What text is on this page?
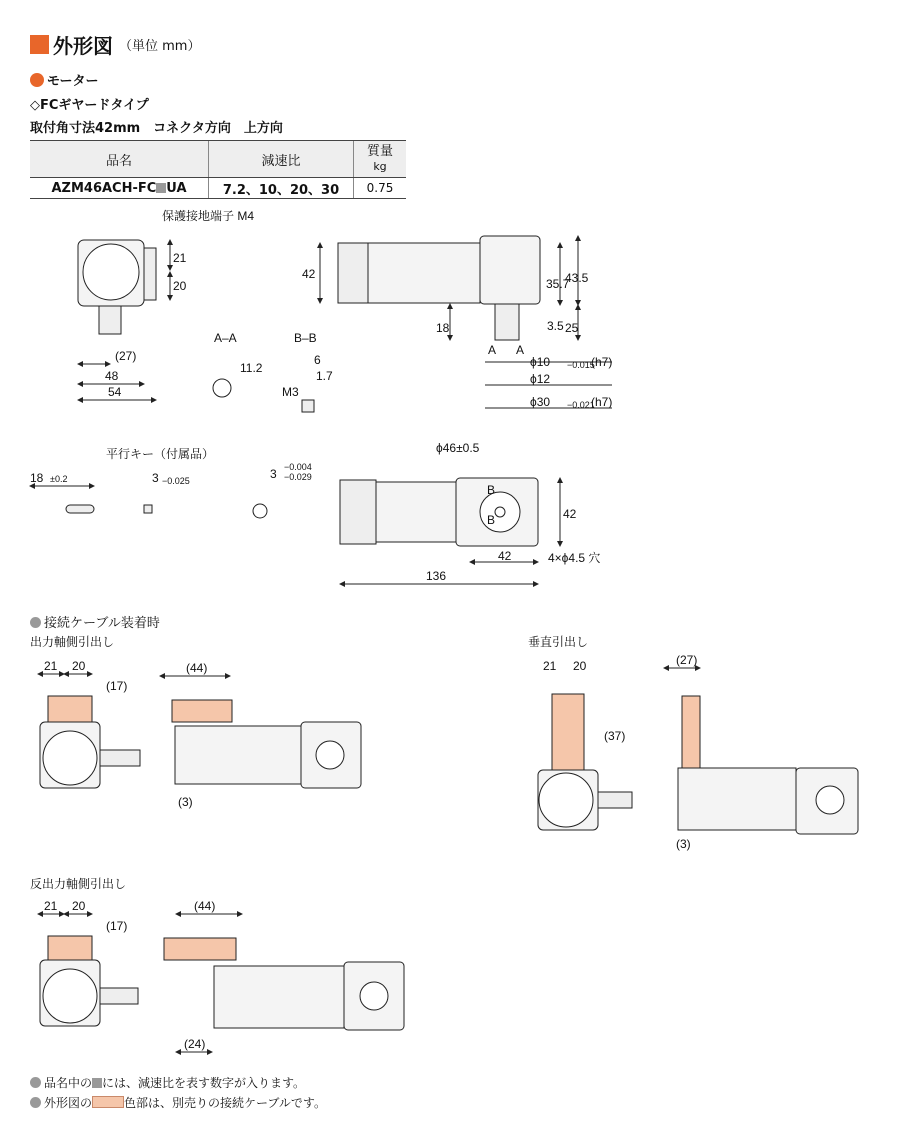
外形図 （単位 mm）
モーター
◇FCギヤードタイプ
取付角寸法42mm　コネクタ方向　上方向
品名	減速比	質量
kg
AZM46ACH-FC UA	7.2、10、20、30	0.75
保護接地端子 M4
21
20
(27)
48
54
A–A	B–B
11.2
6
1.7
M3
42
35.7
43.5
3.5 25
18
A A
ϕ10 −0.015
(h7)
ϕ12
ϕ30 −0.021
(h7)
平行キー（付属品）
18 ±0.2	3 −0.025	3 −0.004
−0.029
ϕ46±0.5
B
B	42
42	4×ϕ4.5 穴
136
出力軸側引出し	垂直引出し
反出力軸側引出し
21 20	(44)
(3)
(17)
21 20
(37)
(27)
(3)
21 20
(17)
(44)
(24)
接続ケーブル装着時
品名中の には、減速比を表す数字が入ります。
外形図の	色部は、別売りの接続ケーブルです。
